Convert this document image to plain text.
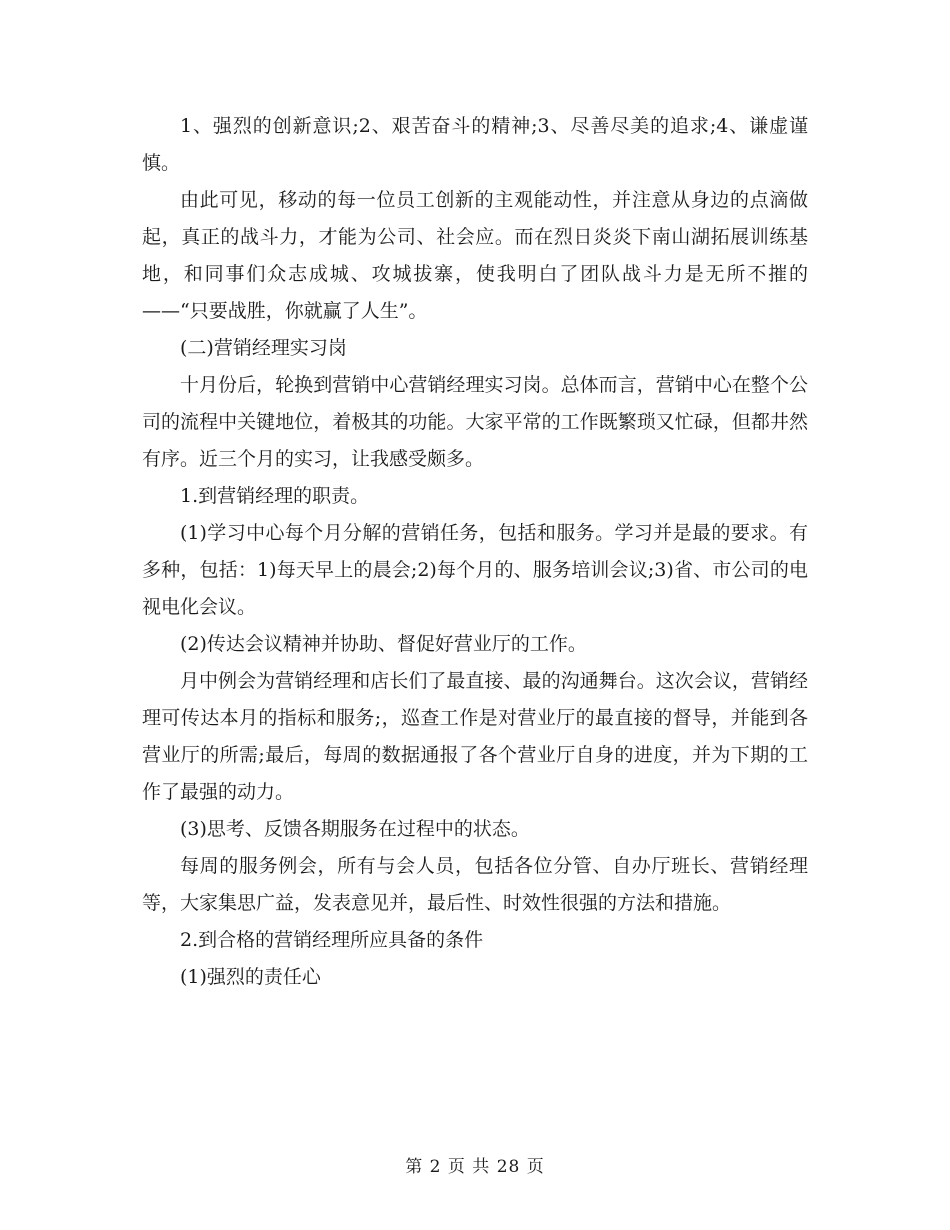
1、强烈的创新意识;2、艰苦奋斗的精神;3、尽善尽美的追求;4、谦虚谨慎。

由此可见，移动的每一位员工创新的主观能动性，并注意从身边的点滴做起，真正的战斗力，才能为公司、社会应。而在烈日炎炎下南山湖拓展训练基地，和同事们众志成城、攻城拔寨，使我明白了团队战斗力是无所不摧的——“只要战胜，你就赢了人生”。

(二)营销经理实习岗

十月份后，轮换到营销中心营销经理实习岗。总体而言，营销中心在整个公司的流程中关键地位，着极其的功能。大家平常的工作既繁琐又忙碌，但都井然有序。近三个月的实习，让我感受颇多。

1.到营销经理的职责。

(1)学习中心每个月分解的营销任务，包括和服务。学习并是最的要求。有多种，包括：1)每天早上的晨会;2)每个月的、服务培训会议;3)省、市公司的电视电化会议。

(2)传达会议精神并协助、督促好营业厅的工作。

月中例会为营销经理和店长们了最直接、最的沟通舞台。这次会议，营销经理可传达本月的指标和服务;，巡查工作是对营业厅的最直接的督导，并能到各营业厅的所需;最后，每周的数据通报了各个营业厅自身的进度，并为下期的工作了最强的动力。

(3)思考、反馈各期服务在过程中的状态。

每周的服务例会，所有与会人员，包括各位分管、自办厅班长、营销经理等，大家集思广益，发表意见并，最后性、时效性很强的方法和措施。

2.到合格的营销经理所应具备的条件

(1)强烈的责任心

第 2 页 共 28 页
